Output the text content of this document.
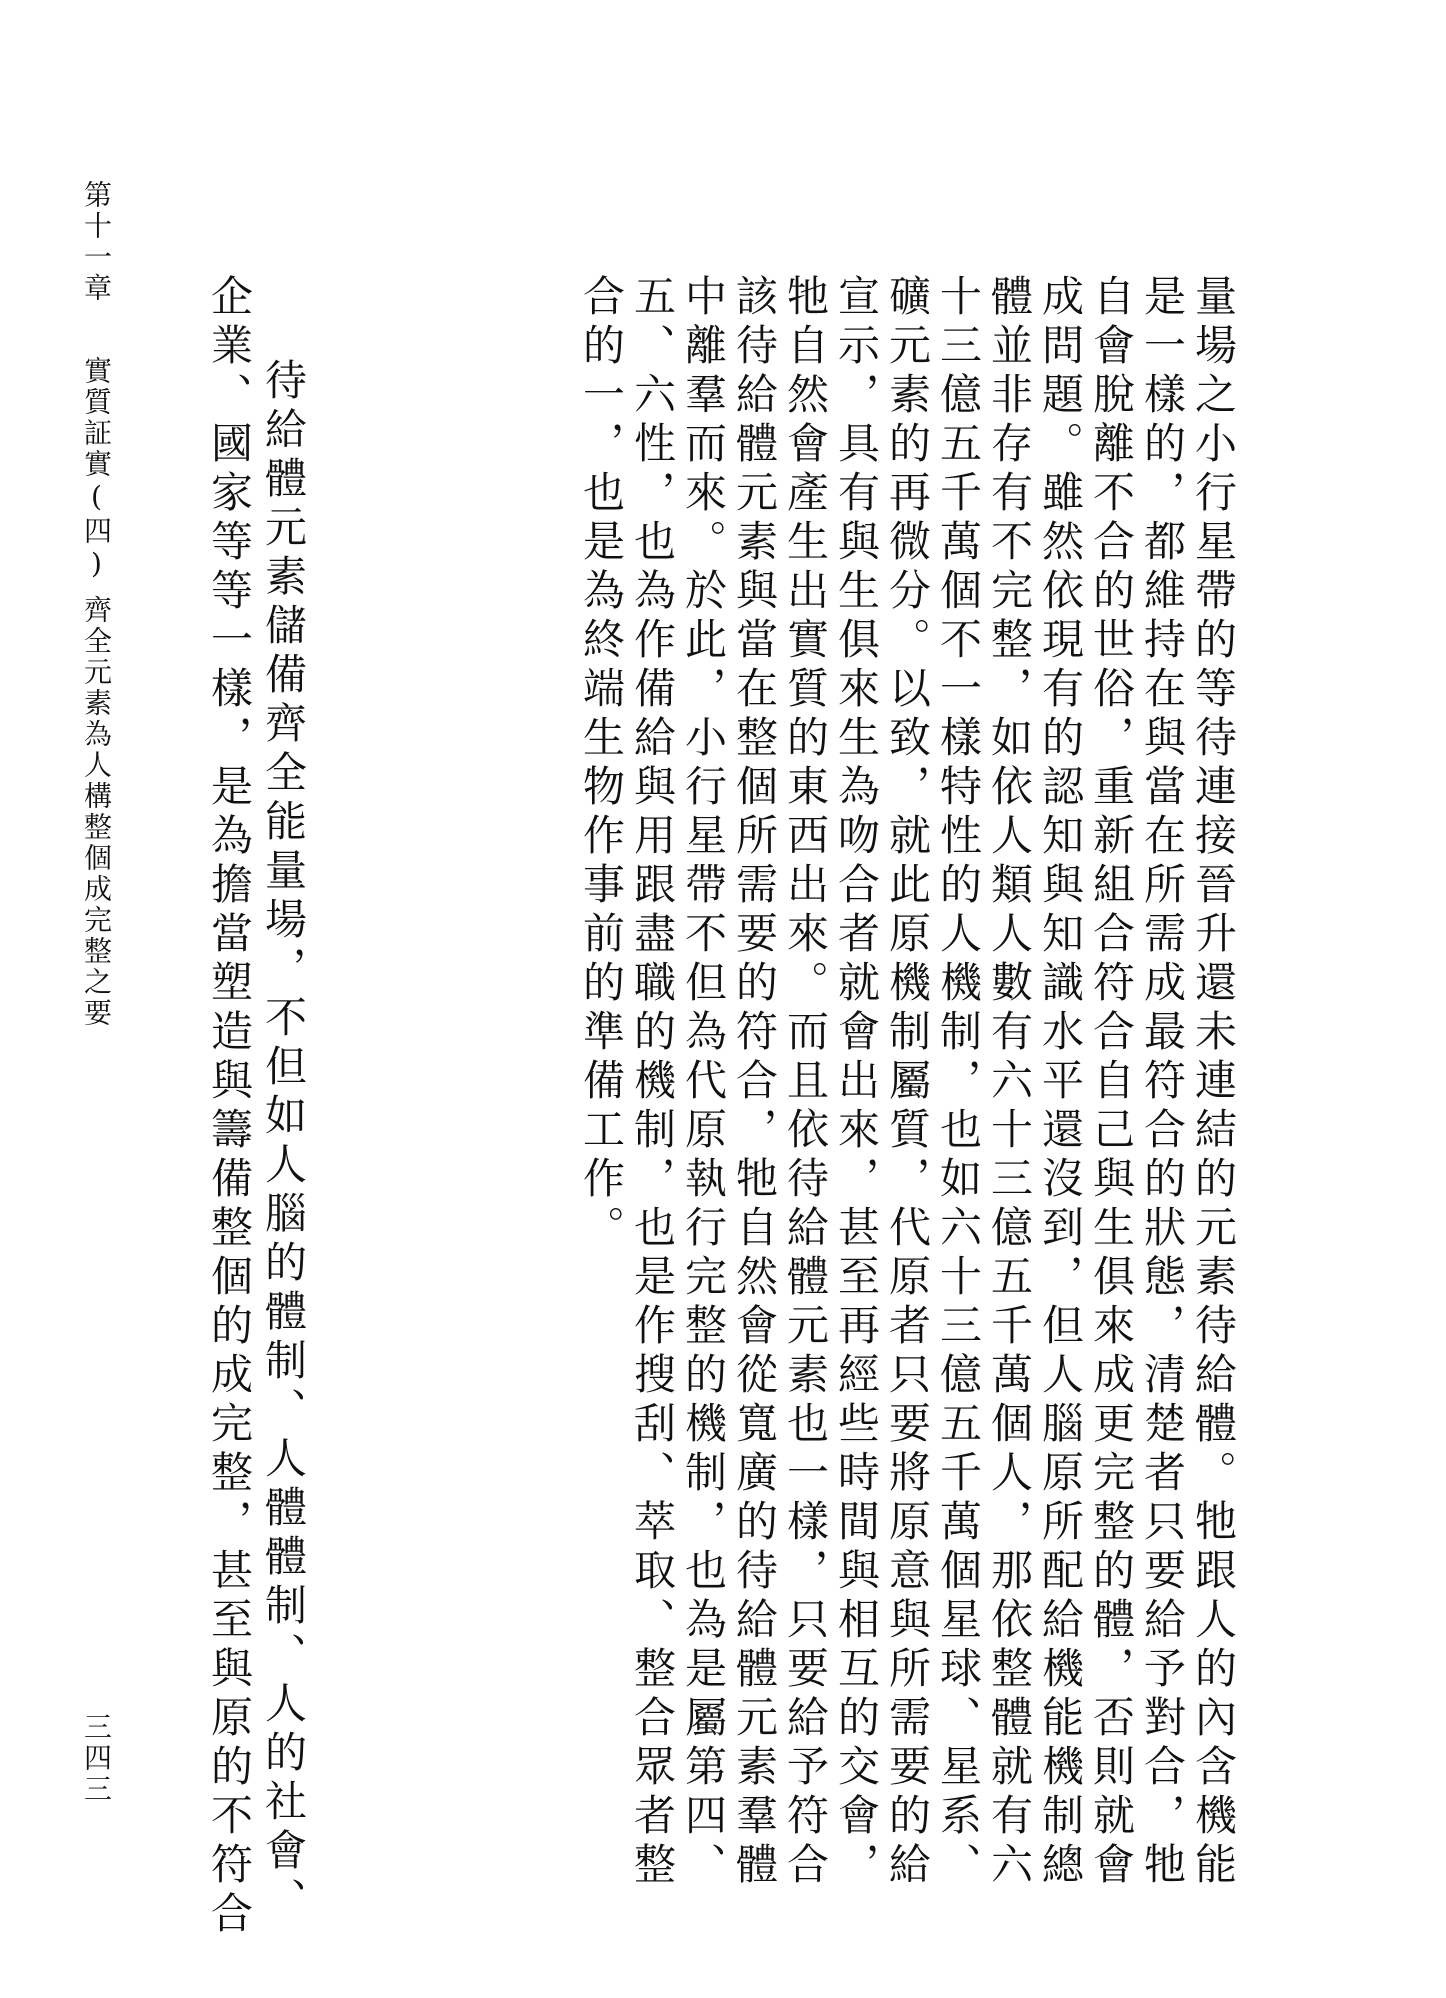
第十一章
實質証實(四)
齊全元素為人構整個成完整之要
三四三	量場之小行星帶的等待連接晉升還未連結的元素待給體。牠跟人的內含機能
是一樣的，都維持在與當在所需成最符合的狀態，清楚者只要給予對合，牠
自會脫離不合的世俗，重新組合符合自己與生俱來成更完整的體，否則就會
成問題。雖然依現有的認知與知識水平還沒到，但人腦原所配給機能機制總
體並非存有不完整，如依人類人數有六十三億五千萬個人，那依整體就有六
十三億五千萬個不一樣特性的人機制，也如六十三億五千萬個星球、星系、
礦元素的再微分。以致，就此原機制屬質，代原者只要將原意與所需要的給
宣示，具有與生俱來生為吻合者就會出來，甚至再經些時間與相互的交會，
牠自然會產生出實質的東西出來。而且依待給體元素也一樣，只要給予符合
該待給體元素與當在整個所需要的符合，牠自然會從寬廣的待給體元素羣體
中離羣而來。於此，小行星帶不但為代原執行完整的機制，也為是屬第四、
五、六性，也為作備給與用跟盡職的機制，也是作搜刮、萃取、整合眾者整
合的一，也是為終端生物作事前的準備工作。
待給體元素儲備齊全能量場，不但如人腦的體制、人體體制、人的社會、
企業、國家等等一樣，是為擔當塑造與籌備整個的成完整，甚至與原的不符合
